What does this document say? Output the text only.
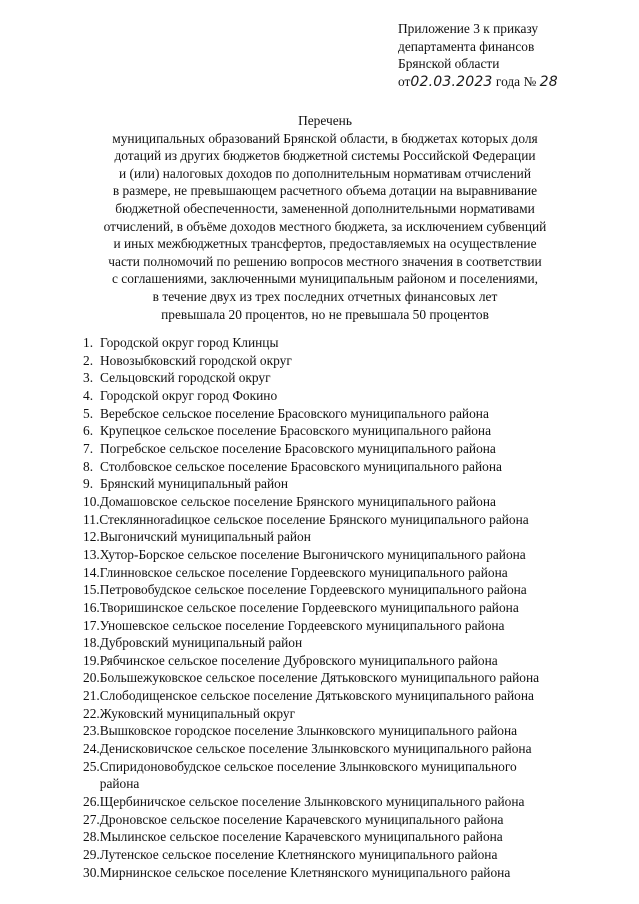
Приложение 3 к приказу
департамента финансов
Брянской области
от02.03.2023 года № 28
Перечень
муниципальных образований Брянской области, в бюджетах которых доля
дотаций из других бюджетов бюджетной системы Российской Федерации
и (или) налоговых доходов по дополнительным нормативам отчислений
в размере, не превышающем расчетного объема дотации на выравнивание
бюджетной обеспеченности, замененной дополнительными нормативами
отчислений, в объёме доходов местного бюджета, за исключением субвенций
и иных межбюджетных трансфертов, предоставляемых на осуществление
части полномочий по решению вопросов местного значения в соответствии
с соглашениями, заключенными муниципальным районом и поселениями,
в течение двух из трех последних отчетных финансовых лет
превышала 20 процентов, но не превышала 50 процентов
1. Городской округ город Клинцы
2. Новозыбковский городской округ
3. Сельцовский городской округ
4. Городской округ город Фокино
5. Веребское сельское поселение Брасовского муниципального района
6. Крупецкое сельское поселение Брасовского муниципального района
7. Погребское сельское поселение Брасовского муниципального района
8. Столбовское сельское поселение Брасовского муниципального района
9. Брянский муниципальный район
10. Домашовское сельское поселение Брянского муниципального района
11. Стеклянноradицкое сельское поселение Брянского муниципального района
12. Выгоничский муниципальный район
13. Хутор-Борское сельское поселение Выгоничского муниципального района
14. Глинновское сельское поселение Гордеевского муниципального района
15. Петровобудское сельское поселение Гордеевского муниципального района
16. Творишинское сельское поселение Гордеевского муниципального района
17. Уношевское сельское поселение Гордеевского муниципального района
18. Дубровский муниципальный район
19. Рябчинское сельское поселение Дубровского муниципального района
20. Большежуковское сельское поселение Дятьковского муниципального района
21. Слободищенское сельское поселение Дятьковского муниципального района
22. Жуковский муниципальный округ
23. Вышковское городское поселение Злынковского муниципального района
24. Денисковичское сельское поселение Злынковского муниципального района
25. Спиридоновобудское сельское поселение Злынковского муниципального
района
26. Щербиничское сельское поселение Злынковского муниципального района
27. Дроновское сельское поселение Карачевского муниципального района
28. Мылинское сельское поселение Карачевского муниципального района
29. Лутенское сельское поселение Клетнянского муниципального района
30. Мирнинское сельское поселение Клетнянского муниципального района
